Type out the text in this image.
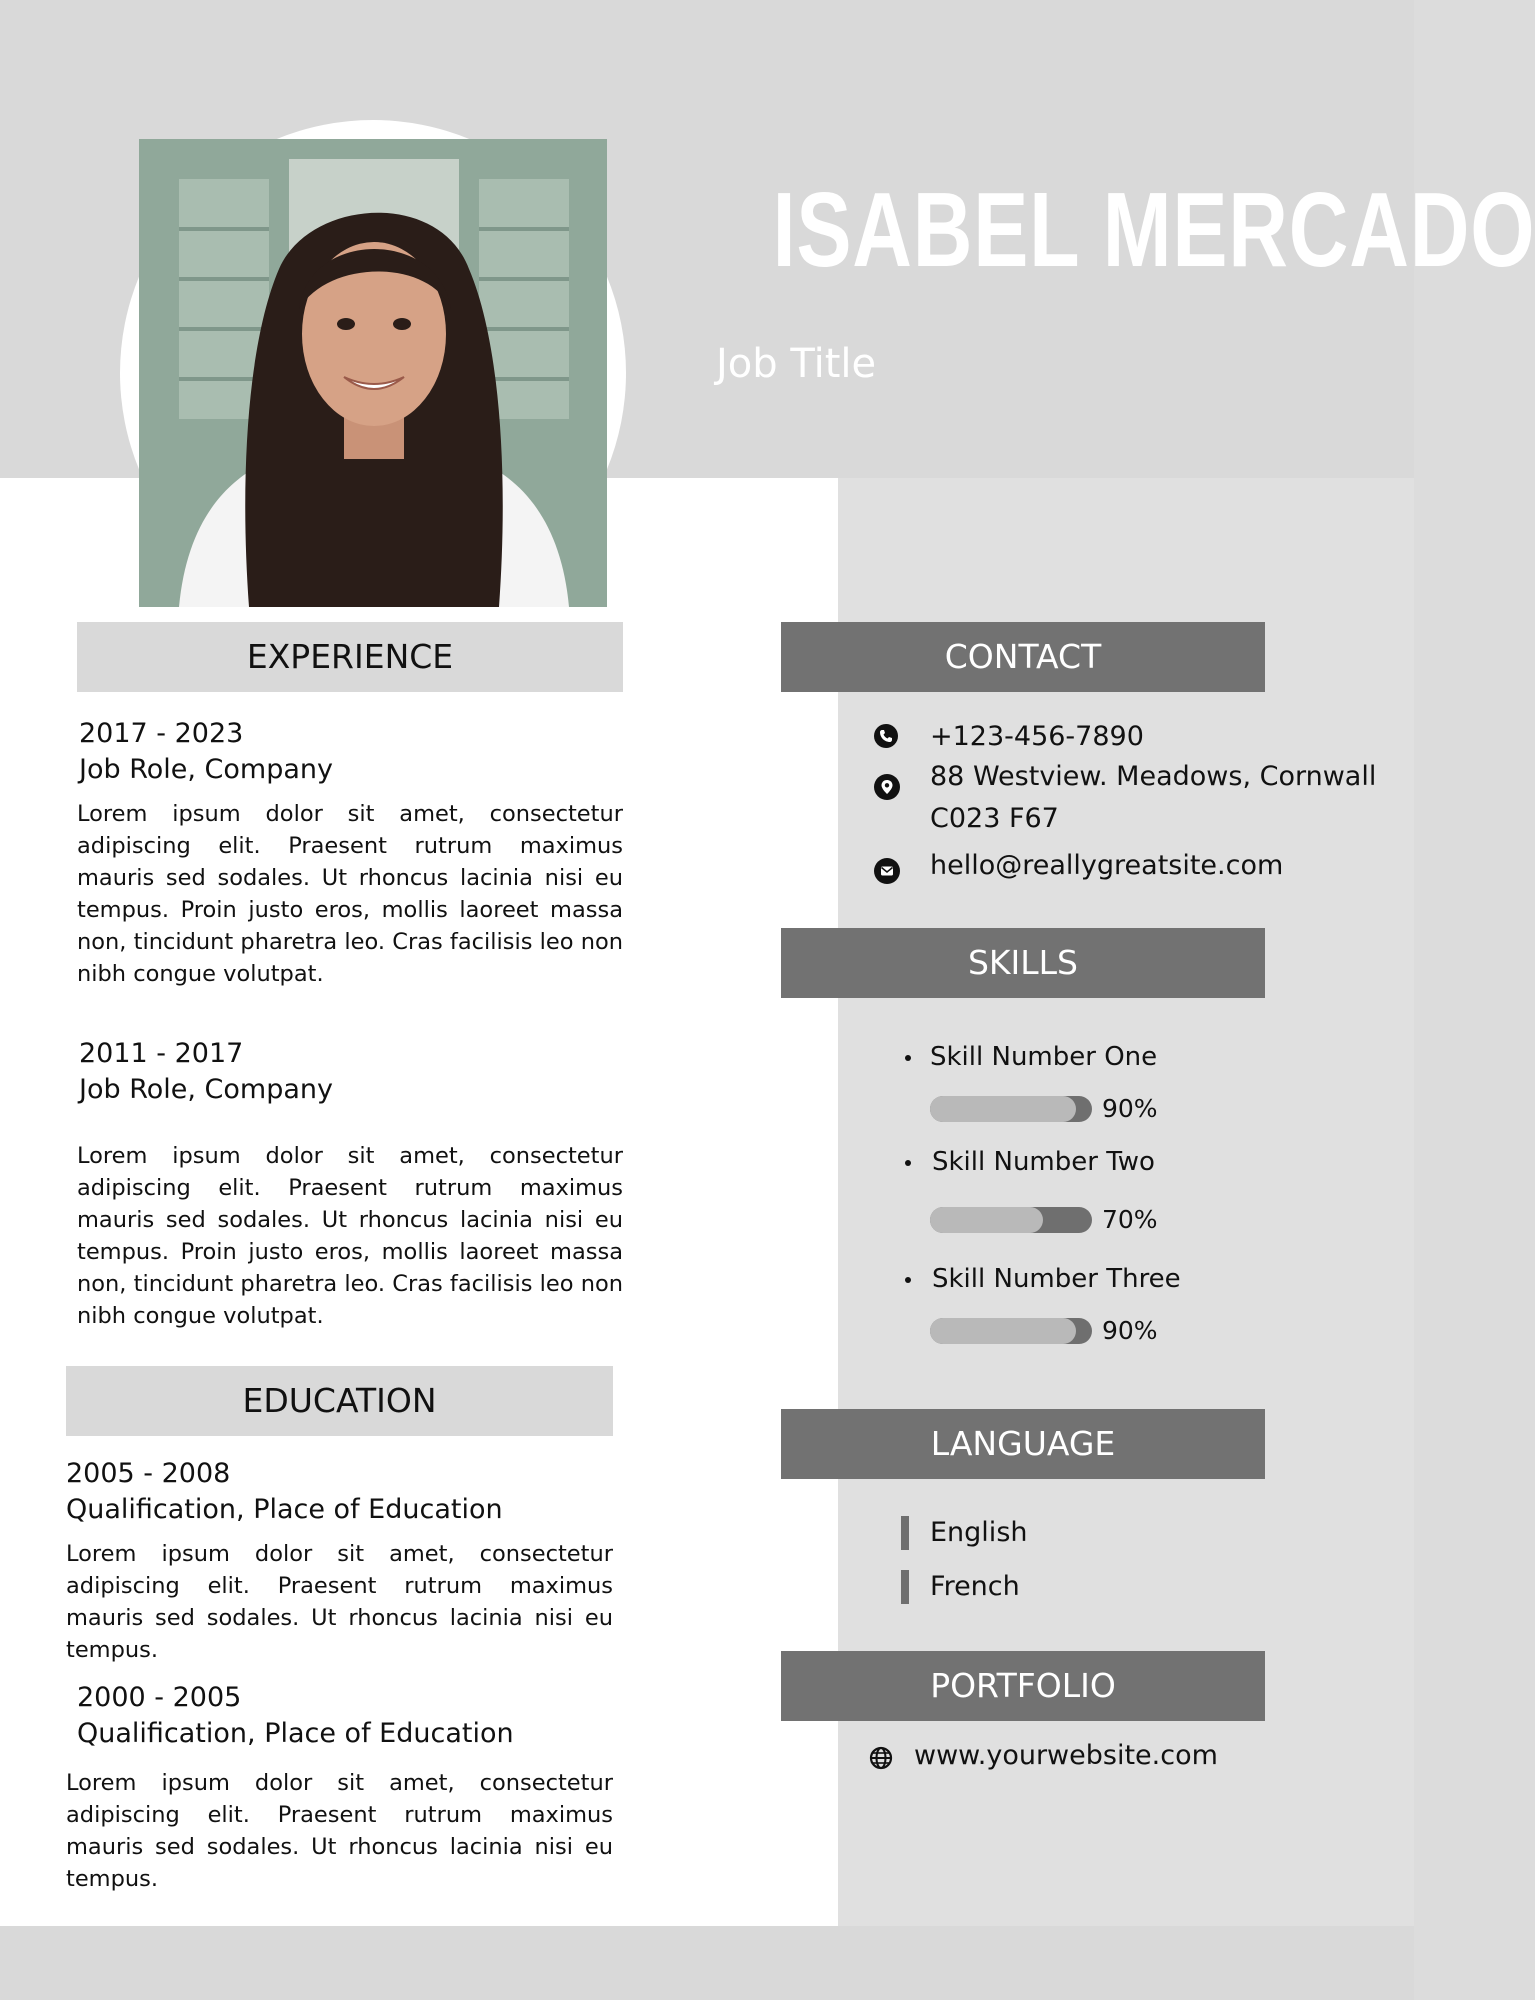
ISABEL MERCADO
Job Title
EXPERIENCE
2017 - 2023
Job Role, Company
Lorem ipsum dolor sit amet, consectetur adipiscing elit. Praesent rutrum maximus mauris sed sodales. Ut rhoncus lacinia nisi eu tempus. Proin justo eros, mollis laoreet massa non, tincidunt pharetra leo. Cras facilisis leo non nibh congue volutpat.
2011 - 2017
Job Role, Company
Lorem ipsum dolor sit amet, consectetur adipiscing elit. Praesent rutrum maximus mauris sed sodales. Ut rhoncus lacinia nisi eu tempus. Proin justo eros, mollis laoreet massa non, tincidunt pharetra leo. Cras facilisis leo non nibh congue volutpat.
EDUCATION
2005 - 2008
Qualification, Place of Education
Lorem ipsum dolor sit amet, consectetur adipiscing elit. Praesent rutrum maximus mauris sed sodales. Ut rhoncus lacinia nisi eu tempus.
2000 - 2005
Qualification, Place of Education
Lorem ipsum dolor sit amet, consectetur adipiscing elit. Praesent rutrum maximus mauris sed sodales. Ut rhoncus lacinia nisi eu tempus.
CONTACT
+123-456-7890
88 Westview. Meadows, Cornwall
C023 F67
hello@reallygreatsite.com
SKILLS
Skill Number One
90%
Skill Number Two
70%
Skill Number Three
90%
LANGUAGE
English
French
PORTFOLIO
www.yourwebsite.com
